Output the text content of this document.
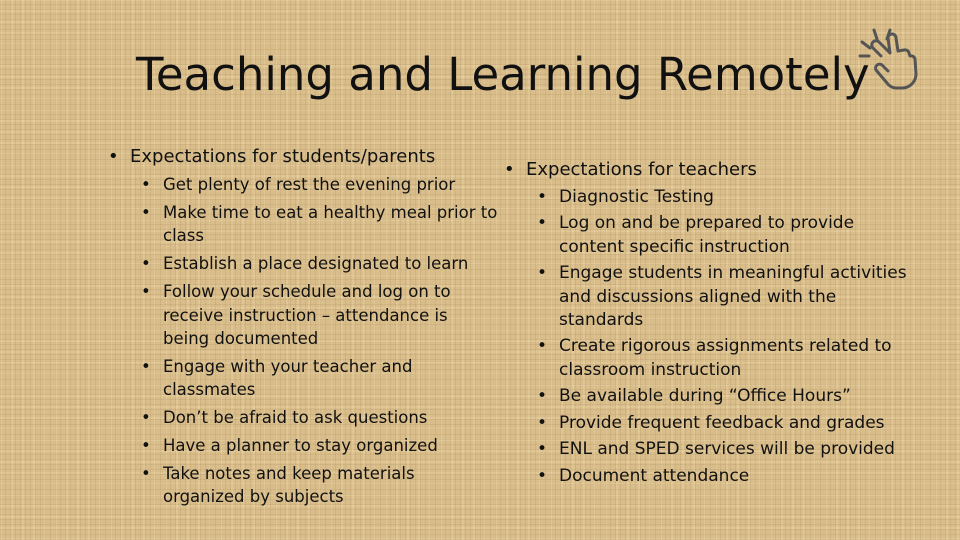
Teaching and Learning Remotely
• Expectations for students/parents
• Get plenty of rest the evening prior
• Make time to eat a healthy meal prior to class
• Establish a place designated to learn
• Follow your schedule and log on to receive instruction – attendance is being documented
• Engage with your teacher and classmates
• Don’t be afraid to ask questions
• Have a planner to stay organized
• Take notes and keep materials organized by subjects
• Expectations for teachers
• Diagnostic Testing
• Log on and be prepared to provide content specific instruction
• Engage students in meaningful activities and discussions aligned with the standards
• Create rigorous assignments related to classroom instruction
• Be available during “Office Hours”
• Provide frequent feedback and grades
• ENL and SPED services will be provided
• Document attendance
